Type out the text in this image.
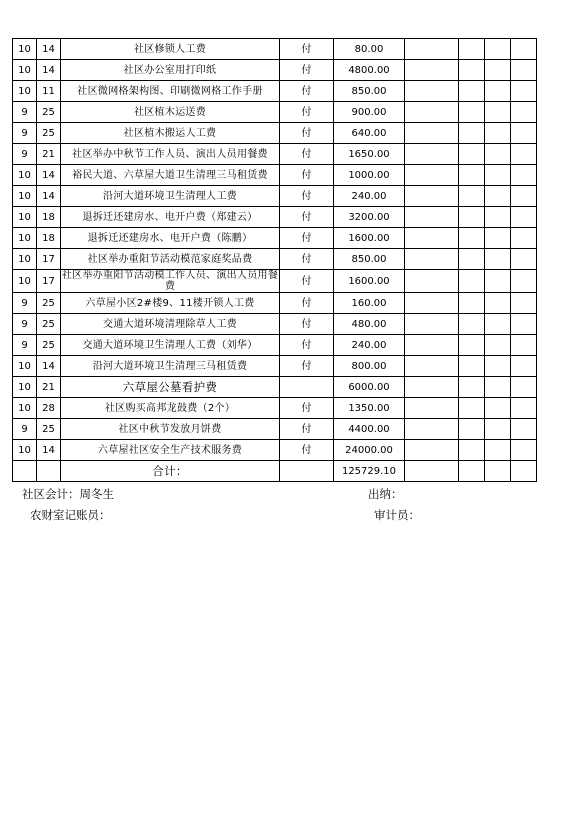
10	14	社区修锁人工费	付	80.00				
10	14	社区办公室用打印纸	付	4800.00				
10	11	社区微网格架构图、印刷微网格工作手册	付	850.00				
9	25	社区植木运送费	付	900.00				
9	25	社区植木搬运人工费	付	640.00				
9	21	社区举办中秋节工作人员、演出人员用餐费	付	1650.00				
10	14	裕民大道、六草屋大道卫生清理三马租赁费	付	1000.00				
10	14	沿河大道环境卫生清理人工费	付	240.00				
10	18	退拆迁还建房水、电开户费（郑建云）	付	3200.00				
10	18	退拆迁还建房水、电开户费（陈鹏）	付	1600.00				
10	17	社区举办重阳节活动模范家庭奖品费	付	850.00				
10	17	社区举办重阳节活动模工作人员、演出人员用餐费	付	1600.00				
9	25	六草屋小区2#楼9、11楼开锁人工费	付	160.00				
9	25	交通大道环境清理除草人工费	付	480.00				
9	25	交通大道环境卫生清理人工费（刘华）	付	240.00				
10	14	沿河大道环境卫生清理三马租赁费	付	800.00				
10	21	六草屋公墓看护费		6000.00				
10	28	社区购买高邦龙鼓费（2个）	付	1350.00				
9	25	社区中秋节发放月饼费	付	4400.00				
10	14	六草屋社区安全生产技术服务费	付	24000.00				
		合计：		125729.10				
社区会计：周冬生	出纳：
农财室记账员：	审计员：
